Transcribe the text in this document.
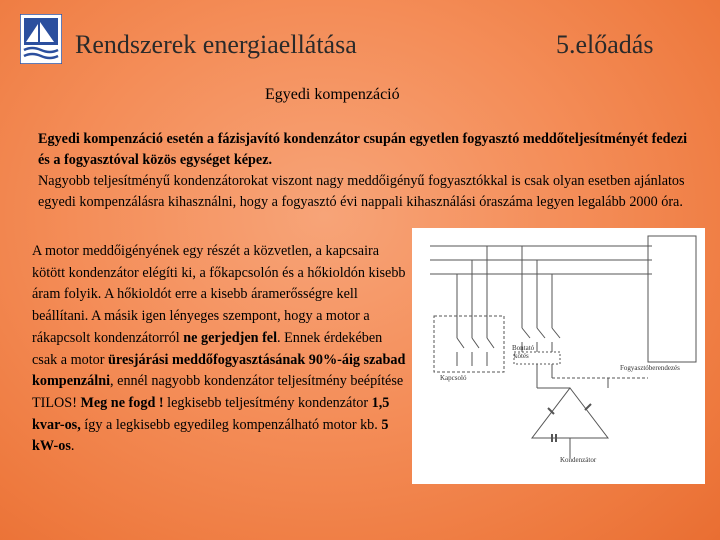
Rendszerek energiaellátása	5.előadás
Egyedi kompenzáció

Egyedi kompenzáció esetén a fázisjavító kondenzátor csupán egyetlen fogyasztó meddőteljesítményét fedezi és a fogyasztóval közös egységet képez.

Nagyobb teljesítményű kondenzátorokat viszont nagy meddőigényű fogyasztókkal is csak olyan esetben ajánlatos egyedi kompenzálásra kihasználni, hogy a fogyasztó évi nappali kihasználási óraszáma legyen legalább 2000 óra.

A motor meddőigényének egy részét a közvetlen, a kapcsaira kötött kondenzátor elégíti ki, a főkapcsolón és a hőkioldón kisebb áram folyik. A hőkioldót erre a kisebb áramerősségre kell beállítani. A másik igen lényeges szempont, hogy a motor a rákapcsolt kondenzátorról ne gerjedjen fel. Ennek érdekében csak a motor üresjárási meddőfogyasztásának 90%-áig szabad kompenzálni, ennél nagyobb kondenzátor teljesítmény beépítése TILOS! Meg ne fogd ! legkisebb teljesítmény kondenzátor 1,5 kvar-os, így a legkisebb egyedileg kompenzálható motor kb. 5 kW-os.
Kapcsoló
Bontató
kötés
Fogyasztóberendezés
Kondenzátor
